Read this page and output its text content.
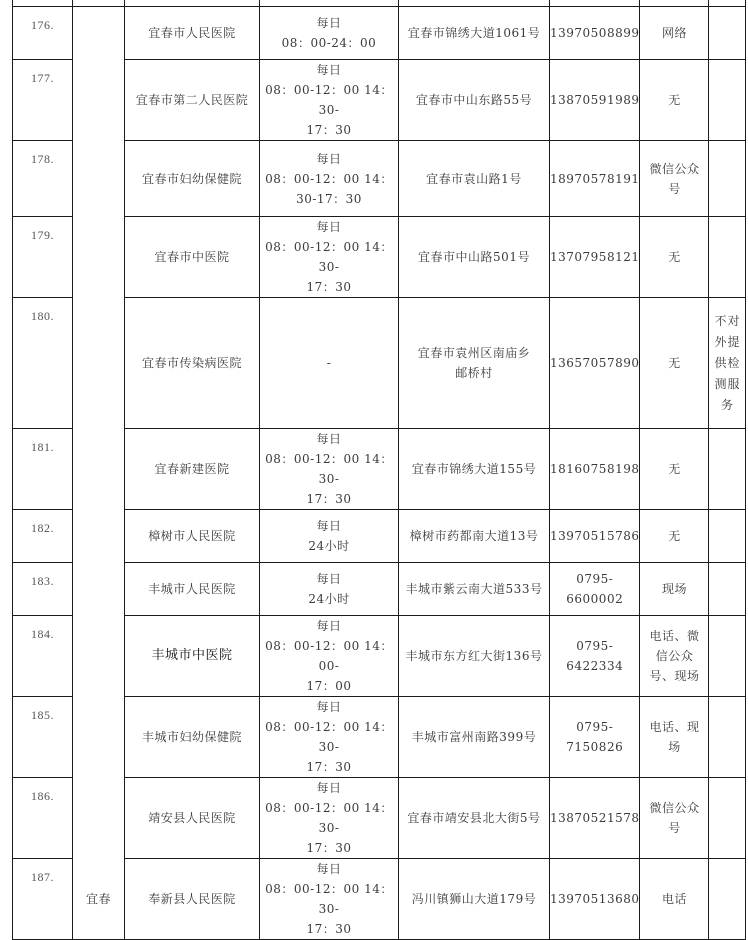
176.	宜春	宜春市人民医院	每日
08：00-24：00	宜春市锦绣大道1061号	13970508899	网络	

177.		宜春市第二人民医院	每日
08：00-12：00 14：30-
17：30	宜春市中山东路55号	13870591989	无	

178.		宜春市妇幼保健院	每日
08：00-12：00 14：
30-17：30	宜春市袁山路1号	18970578191	微信公众
号	

179.		宜春市中医院	每日
08：00-12：00 14：30-
17：30	宜春市中山路501号	13707958121	无	

180.		宜春市传染病医院	-	宜春市袁州区南庙乡
邮桥村	13657057890	无	不对
外提
供检
测服
务

181.		宜春新建医院	每日
08：00-12：00 14：30-
17：30	宜春市锦绣大道155号	18160758198	无	

182.		樟树市人民医院	每日
24小时	樟树市药都南大道13号	13970515786	无	

183.		丰城市人民医院	每日
24小时	丰城市紫云南大道533号	0795-
6600002	现场	

184.		丰城市中医院	每日
08：00-12：00 14：00-
17：00	丰城市东方红大街136号	0795-
6422334	电话、微
信公众
号、现场	

185.		丰城市妇幼保健院	每日
08：00-12：00 14：30-
17：30	丰城市富州南路399号	0795-
7150826	电话、现
场	

186.		靖安县人民医院	每日
08：00-12：00 14：30-
17：30	宜春市靖安县北大街5号	13870521578	微信公众
号	

187.		奉新县人民医院	每日
08：00-12：00 14：30-
17：30	冯川镇狮山大道179号	13970513680	电话	
